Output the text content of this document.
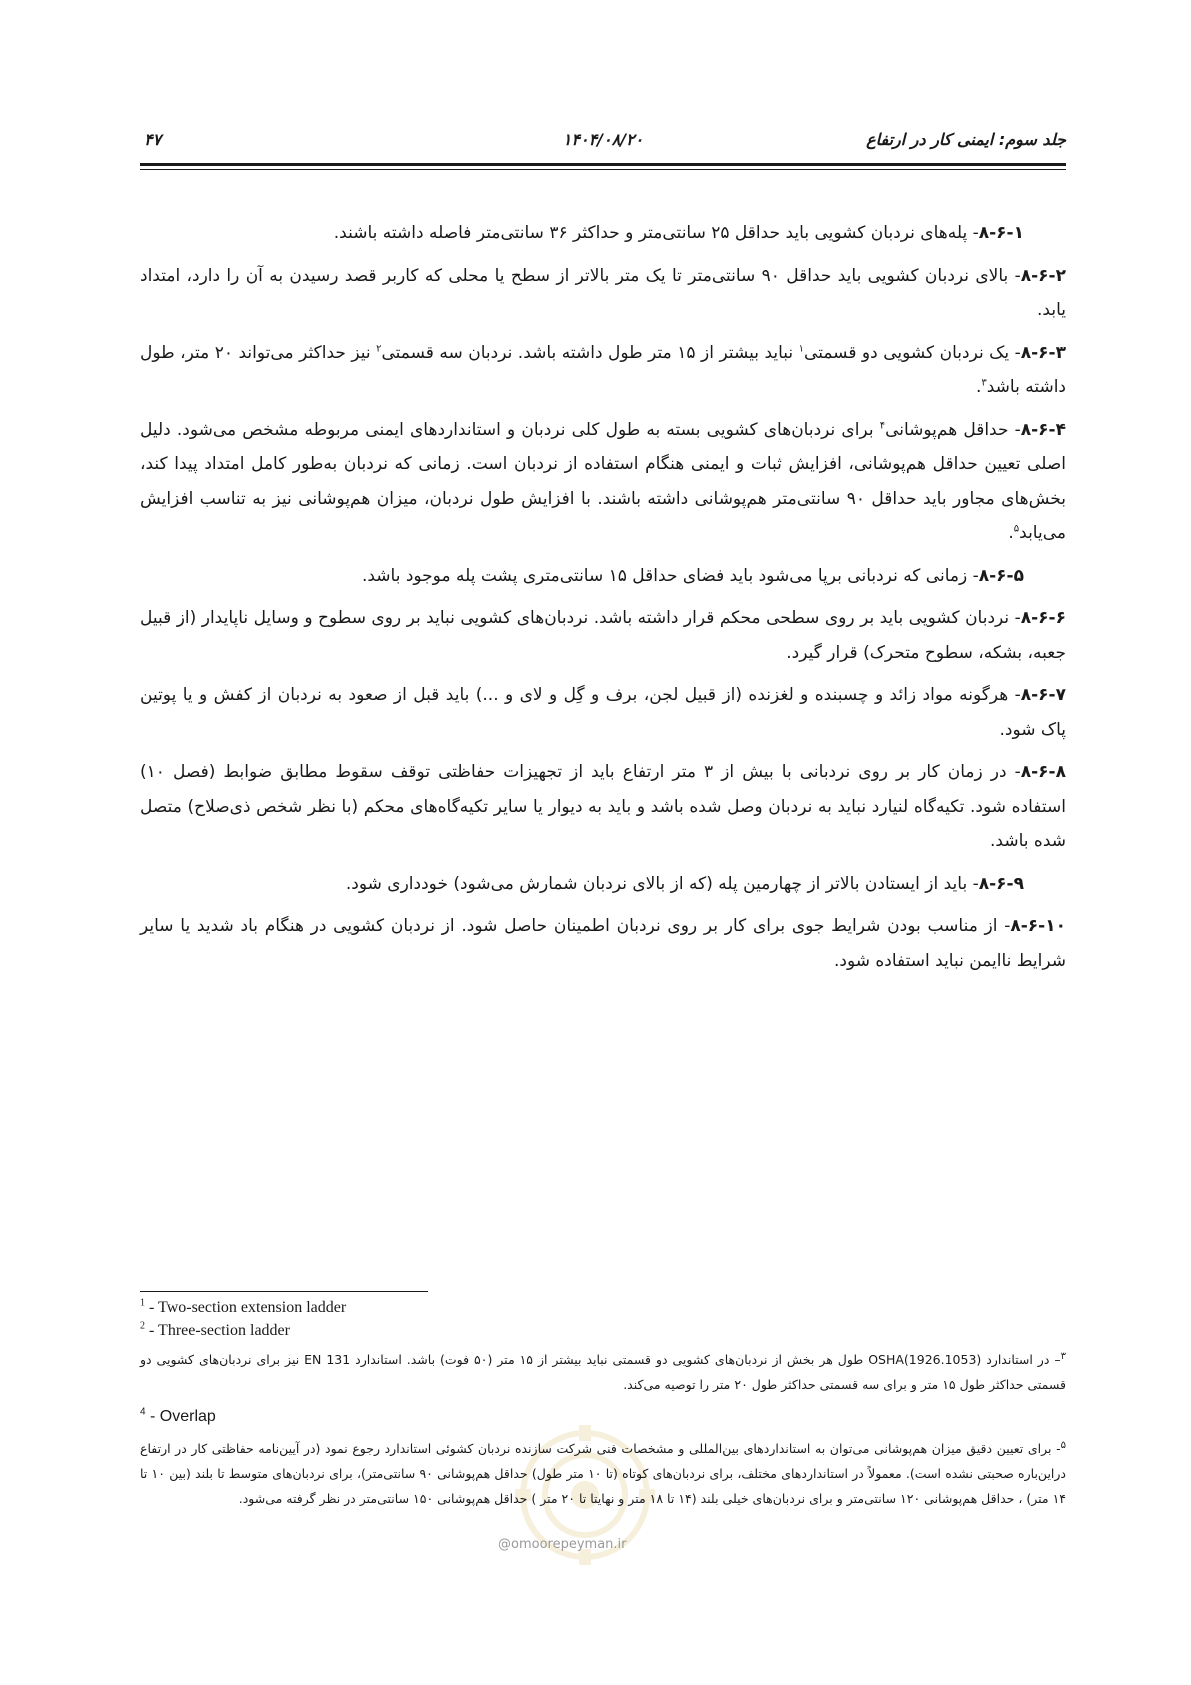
جلد سوم: ایمنی کار در ارتفاع
۱۴۰۴/۰۸/۲۰
۴۷

۸-۶-۱- پله‌های نردبان کشویی باید حداقل ۲۵ سانتی‌متر و حداکثر ۳۶ سانتی‌متر فاصله داشته باشند.

۸-۶-۲- بالای نردبان کشویی باید حداقل ۹۰ سانتی‌متر تا یک متر بالاتر از سطح یا محلی که کاربر قصد رسیدن به آن را دارد، امتداد یابد.

۸-۶-۳- یک نردبان کشویی دو قسمتی$^۱$ نباید بیشتر از ۱۵ متر طول داشته باشد. نردبان سه قسمتی$^۲$ نیز حداکثر می‌تواند ۲۰ متر، طول داشته باشد$^۳$.

۸-۶-۴- حداقل هم‌پوشانی$^۴$ برای نردبان‌های کشویی بسته به طول کلی نردبان و استانداردهای ایمنی مربوطه مشخص می‌شود. دلیل اصلی تعیین حداقل هم‌پوشانی، افزایش ثبات و ایمنی هنگام استفاده از نردبان است. زمانی که نردبان به‌طور کامل امتداد پیدا کند، بخش‌های مجاور باید حداقل ۹۰ سانتی‌متر هم‌پوشانی داشته باشند. با افزایش طول نردبان، میزان هم‌پوشانی نیز به تناسب افزایش می‌یابد$^۵$.

۸-۶-۵- زمانی که نردبانی برپا می‌شود باید فضای حداقل ۱۵ سانتی‌متری پشت پله موجود باشد.

۸-۶-۶- نردبان کشویی باید بر روی سطحی محکم قرار داشته باشد. نردبان‌های کشویی نباید بر روی سطوح و وسایل ناپایدار (از قبیل جعبه، بشکه، سطوح متحرک) قرار گیرد.

۸-۶-۷- هرگونه مواد زائد و چسبنده و لغزنده (از قبیل لجن، برف و گِل و لای و ...) باید قبل از صعود به نردبان از کفش و یا پوتین پاک شود.

۸-۶-۸- در زمان کار بر روی نردبانی با بیش از ۳ متر ارتفاع باید از تجهیزات حفاظتی توقف سقوط مطابق ضوابط (فصل ۱۰) استفاده شود. تکیه‌گاه لنیارد نباید به نردبان وصل شده باشد و باید به دیوار یا سایر تکیه‌گاه‌های محکم (با نظر شخص ذی‌صلاح) متصل شده باشد.

۸-۶-۹- باید از ایستادن بالاتر از چهارمین پله (که از بالای نردبان شمارش می‌شود) خودداری شود.

۸-۶-۱۰- از مناسب بودن شرایط جوی برای کار بر روی نردبان اطمینان حاصل شود. از نردبان کشویی در هنگام باد شدید یا سایر شرایط ناایمن نباید استفاده شود.

@omoorepeyman.ir
$^1$ - Two-section extension ladder
$^2$ - Three-section ladder

$^۳$– در استاندارد OSHA(1926.1053) طول هر بخش از نردبان‌های کشویی دو قسمتی نباید بیشتر از ۱۵ متر (۵۰ فوت) باشد. استاندارد EN 131 نیز برای نردبان‌های کشویی دو قسمتی حداکثر طول ۱۵ متر و برای سه قسمتی حداکثر طول ۲۰ متر را توصیه می‌کند.

$^4$ - Overlap

$^۵$- برای تعیین دقیق میزان هم‌پوشانی می‌توان به استانداردهای بین‌المللی و مشخصات فنی شرکت سازنده نردبان کشوئی استاندارد رجوع نمود (در آیین‌نامه حفاظتی کار در ارتفاع دراین‌باره صحبتی نشده است). معمولاً در استانداردهای مختلف، برای نردبان‌های کوتاه (تا ۱۰ متر طول) حداقل هم‌پوشانی ۹۰ سانتی‌متر)، برای نردبان‌های متوسط تا بلند (بین ۱۰ تا ۱۴ متر) ، حداقل هم‌پوشانی ۱۲۰ سانتی‌متر و برای نردبان‌های خیلی بلند (۱۴ تا ۱۸ متر و نهایتا تا ۲۰ متر ) حداقل هم‌پوشانی ۱۵۰ سانتی‌متر در نظر گرفته می‌شود.
